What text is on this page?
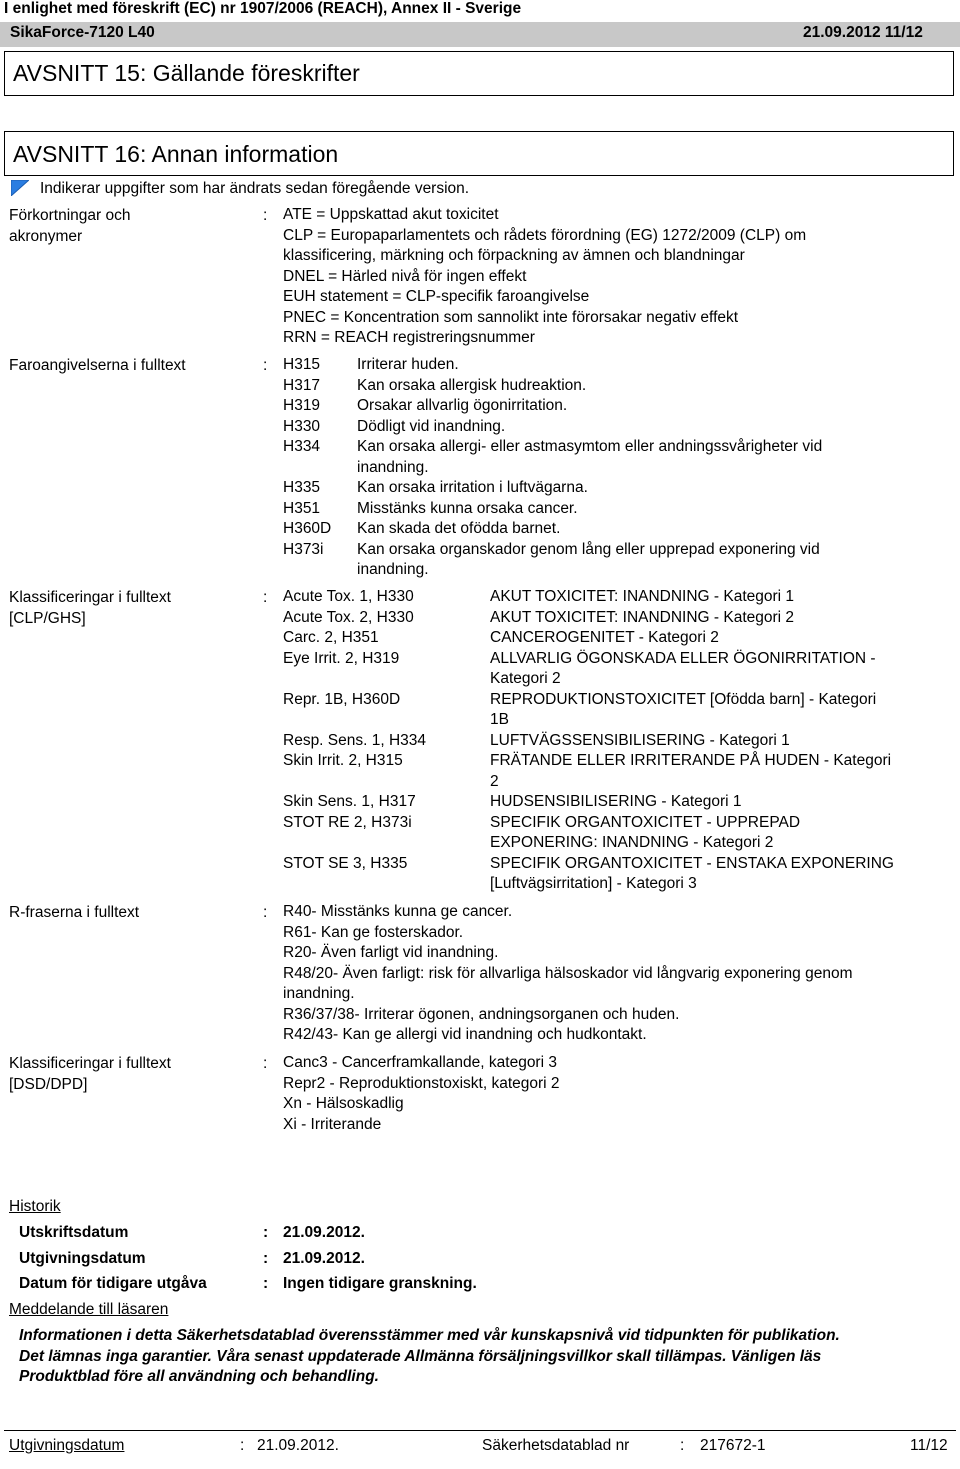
I enlighet med föreskrift (EC) nr 1907/2006 (REACH), Annex II - Sverige
SikaForce-7120 L40	21.09.2012 11/12
AVSNITT 15: Gällande föreskrifter
AVSNITT 16: Annan information
Indikerar uppgifter som har ändrats sedan föregående version.
Förkortningar och
akronymer
: ATE = Uppskattad akut toxicitet
CLP = Europaparlamentets och rådets förordning (EG) 1272/2009 (CLP) om
klassificering, märkning och förpackning av ämnen och blandningar
DNEL = Härled nivå för ingen effekt
EUH statement = CLP-specifik faroangivelse
PNEC = Koncentration som sannolikt inte förorsakar negativ effekt
RRN = REACH registreringsnummer
Faroangivelserna i fulltext	: H315 Irriterar huden.
H317 Kan orsaka allergisk hudreaktion.
H319 Orsakar allvarlig ögonirritation.
H330 Dödligt vid inandning.
H334 Kan orsaka allergi- eller astmasymtom eller andningssvårigheter vid
inandning.
H335 Kan orsaka irritation i luftvägarna.
H351 Misstänks kunna orsaka cancer.
H360D Kan skada det ofödda barnet.
H373i Kan orsaka organskador genom lång eller upprepad exponering vid
inandning.
Klassificeringar i fulltext
[CLP/GHS]
: Acute Tox. 1, H330	AKUT TOXICITET: INANDNING - Kategori 1
Acute Tox. 2, H330	AKUT TOXICITET: INANDNING - Kategori 2
Carc. 2, H351	CANCEROGENITET - Kategori 2
Eye Irrit. 2, H319	ALLVARLIG ÖGONSKADA ELLER ÖGONIRRITATION -
Kategori 2
Repr. 1B, H360D	REPRODUKTIONSTOXICITET [Ofödda barn] - Kategori
1B
Resp. Sens. 1, H334	LUFTVÄGSSENSIBILISERING - Kategori 1
Skin Irrit. 2, H315	FRÄTANDE ELLER IRRITERANDE PÅ HUDEN - Kategori
2
Skin Sens. 1, H317	HUDSENSIBILISERING - Kategori 1
STOT RE 2, H373i	SPECIFIK ORGANTOXICITET - UPPREPAD
EXPONERING: INANDNING - Kategori 2
STOT SE 3, H335	SPECIFIK ORGANTOXICITET - ENSTAKA EXPONERING
[Luftvägsirritation] - Kategori 3
R-fraserna i fulltext	: R40- Misstänks kunna ge cancer.
R61- Kan ge fosterskador.
R20- Även farligt vid inandning.
R48/20- Även farligt: risk för allvarliga hälsoskador vid långvarig exponering genom
inandning.
R36/37/38- Irriterar ögonen, andningsorganen och huden.
R42/43- Kan ge allergi vid inandning och hudkontakt.
Klassificeringar i fulltext
[DSD/DPD]
: Canc3 - Cancerframkallande, kategori 3
Repr2 - Reproduktionstoxiskt, kategori 2
Xn - Hälsoskadlig
Xi - Irriterande
Historik
Utskriftsdatum	: 21.09.2012.
Utgivningsdatum	: 21.09.2012.
Datum för tidigare utgåva	: Ingen tidigare granskning.
Meddelande till läsaren
Informationen i detta Säkerhetsdatablad överensstämmer med vår kunskapsnivå vid tidpunkten för publikation.
Det lämnas inga garantier. Våra senast uppdaterade Allmänna försäljningsvillkor skall tillämpas. Vänligen läs
Produktblad före all användning och behandling.
Utgivningsdatum	: 21.09.2012.	Säkerhetsdatablad nr	: 217672-1	11/12
